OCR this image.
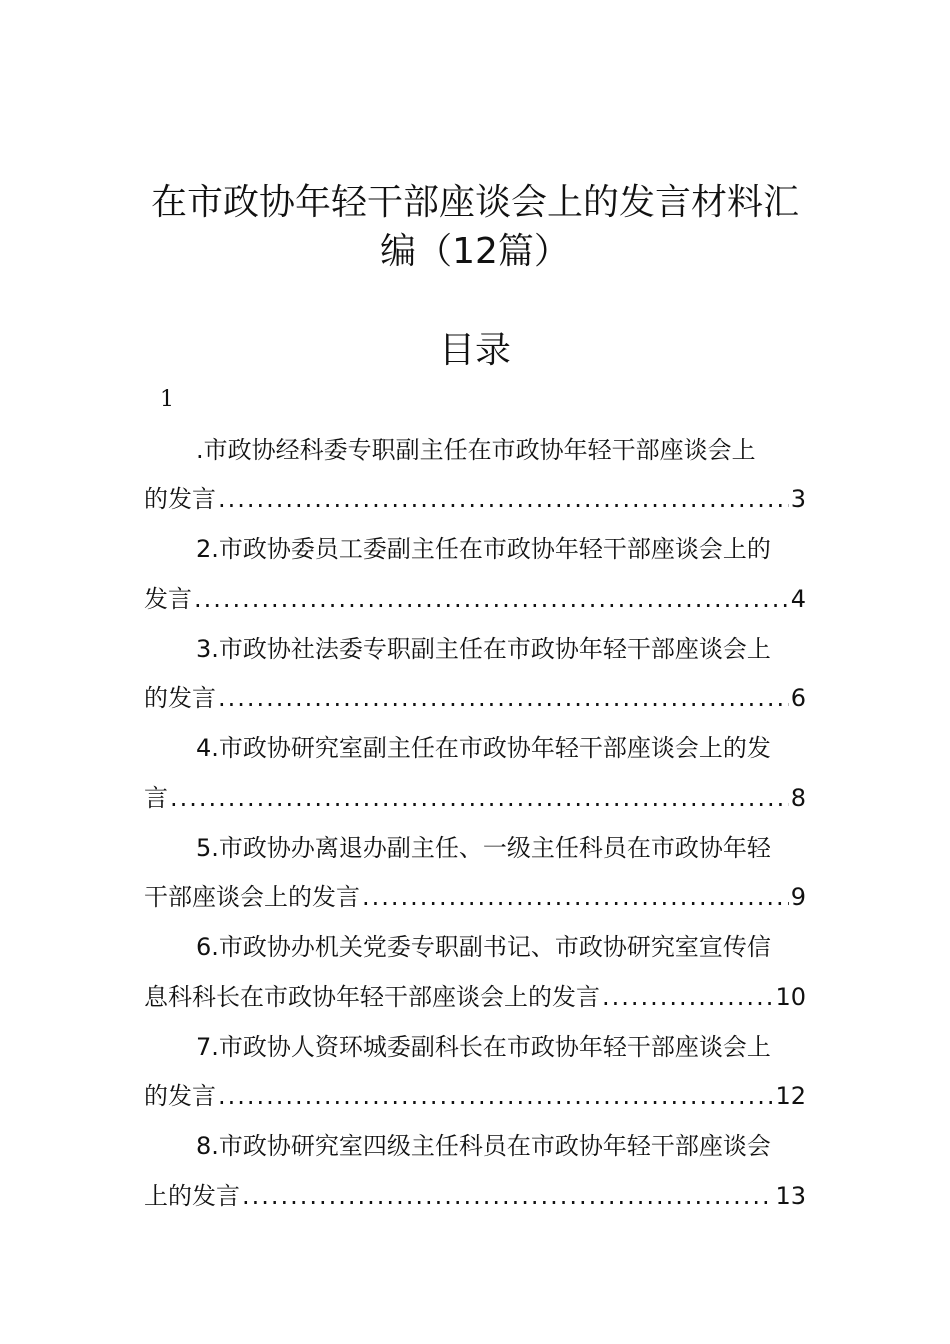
在市政协年轻干部座谈会上的发言材料汇
编（12篇）
目录
1
.市政协经科委专职副主任在市政协年轻干部座谈会上
的发言 .....	3
2.市政协委员工委副主任在市政协年轻干部座谈会上的
发言 .....	4
3.市政协社法委专职副主任在市政协年轻干部座谈会上
的发言 .....	6
4.市政协研究室副主任在市政协年轻干部座谈会上的发
言 .....	8
5.市政协办离退办副主任、一级主任科员在市政协年轻
干部座谈会上的发言 .....	9
6.市政协办机关党委专职副书记、市政协研究室宣传信
息科科长在市政协年轻干部座谈会上的发言 .....	10
7.市政协人资环城委副科长在市政协年轻干部座谈会上
的发言 .....	12
8.市政协研究室四级主任科员在市政协年轻干部座谈会
上的发言 .....	13
